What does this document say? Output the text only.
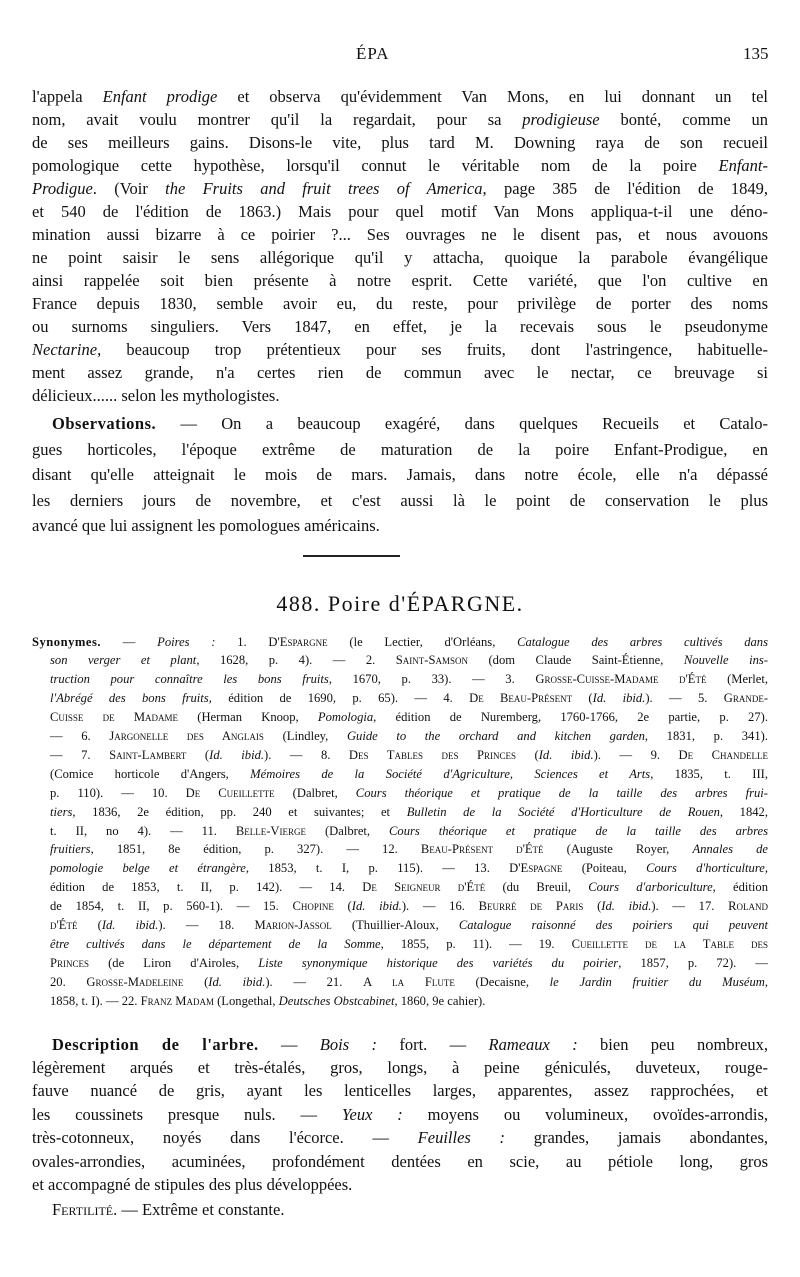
ÉPA	135
l'appela Enfant prodige et observa qu'évidemment Van Mons, en lui donnant un tel
nom, avait voulu montrer qu'il la regardait, pour sa prodigieuse bonté, comme un
de ses meilleurs gains. Disons-le vite, plus tard M. Downing raya de son recueil
pomologique cette hypothèse, lorsqu'il connut le véritable nom de la poire Enfant-
Prodigue. (Voir the Fruits and fruit trees of America, page 385 de l'édition de 1849,
et 540 de l'édition de 1863.) Mais pour quel motif Van Mons appliqua-t-il une déno-
mination aussi bizarre à ce poirier ?... Ses ouvrages ne le disent pas, et nous avouons
ne point saisir le sens allégorique qu'il y attacha, quoique la parabole évangélique
ainsi rappelée soit bien présente à notre esprit. Cette variété, que l'on cultive en
France depuis 1830, semble avoir eu, du reste, pour privilège de porter des noms
ou surnoms singuliers. Vers 1847, en effet, je la recevais sous le pseudonyme
Nectarine, beaucoup trop prétentieux pour ses fruits, dont l'astringence, habituelle-
ment assez grande, n'a certes rien de commun avec le nectar, ce breuvage si
délicieux...... selon les mythologistes.
Observations. — On a beaucoup exagéré, dans quelques Recueils et Catalo-
gues horticoles, l'époque extrême de maturation de la poire Enfant-Prodigue, en
disant qu'elle atteignait le mois de mars. Jamais, dans notre école, elle n'a dépassé
les derniers jours de novembre, et c'est aussi là le point de conservation le plus
avancé que lui assignent les pomologues américains.
488. Poire d'ÉPARGNE.
Synonymes. — Poires : 1. D'Espargne (le Lectier, d'Orléans, Catalogue des arbres cultivés dans
son verger et plant, 1628, p. 4). — 2. Saint-Samson (dom Claude Saint-Étienne, Nouvelle ins-
truction pour connaître les bons fruits, 1670, p. 33). — 3. Grosse-Cuisse-Madame d'Été (Merlet,
l'Abrégé des bons fruits, édition de 1690, p. 65). — 4. De Beau-Présent (Id. ibid.). — 5. Grande-
Cuisse de Madame (Herman Knoop, Pomologia, édition de Nuremberg, 1760-1766, 2e partie, p. 27).
— 6. Jargonelle des Anglais (Lindley, Guide to the orchard and kitchen garden, 1831, p. 341).
— 7. Saint-Lambert (Id. ibid.). — 8. Des Tables des Princes (Id. ibid.). — 9. De Chandelle
(Comice horticole d'Angers, Mémoires de la Société d'Agriculture, Sciences et Arts, 1835, t. III,
p. 110). — 10. De Cueillette (Dalbret, Cours théorique et pratique de la taille des arbres frui-
tiers, 1836, 2e édition, pp. 240 et suivantes; et Bulletin de la Société d'Horticulture de Rouen, 1842,
t. II, no 4). — 11. Belle-Vierge (Dalbret, Cours théorique et pratique de la taille des arbres
fruitiers, 1851, 8e édition, p. 327). — 12. Beau-Présent d'Été (Auguste Royer, Annales de
pomologie belge et étrangère, 1853, t. I, p. 115). — 13. D'Espagne (Poiteau, Cours d'horticulture,
édition de 1853, t. II, p. 142). — 14. De Seigneur d'Été (du Breuil, Cours d'arboriculture, édition
de 1854, t. II, p. 560-1). — 15. Chopine (Id. ibid.). — 16. Beurré de Paris (Id. ibid.). — 17. Roland
d'Été (Id. ibid.). — 18. Marion-Jassol (Thuillier-Aloux, Catalogue raisonné des poiriers qui peuvent
être cultivés dans le département de la Somme, 1855, p. 11). — 19. Cueillette de la Table des
Princes (de Liron d'Airoles, Liste synonymique historique des variétés du poirier, 1857, p. 72). —
20. Grosse-Madeleine (Id. ibid.). — 21. A la Flute (Decaisne, le Jardin fruitier du Muséum,
1858, t. I). — 22. Franz Madam (Longethal, Deutsches Obstcabinet, 1860, 9e cahier).
Description de l'arbre. — Bois : fort. — Rameaux : bien peu nombreux,
légèrement arqués et très-étalés, gros, longs, à peine géniculés, duveteux, rouge-
fauve nuancé de gris, ayant les lenticelles larges, apparentes, assez rapprochées, et
les coussinets presque nuls. — Yeux : moyens ou volumineux, ovoïdes-arrondis,
très-cotonneux, noyés dans l'écorce. — Feuilles : grandes, jamais abondantes,
ovales-arrondies, acuminées, profondément dentées en scie, au pétiole long, gros
et accompagné de stipules des plus développées.
Fertilité. — Extrême et constante.
